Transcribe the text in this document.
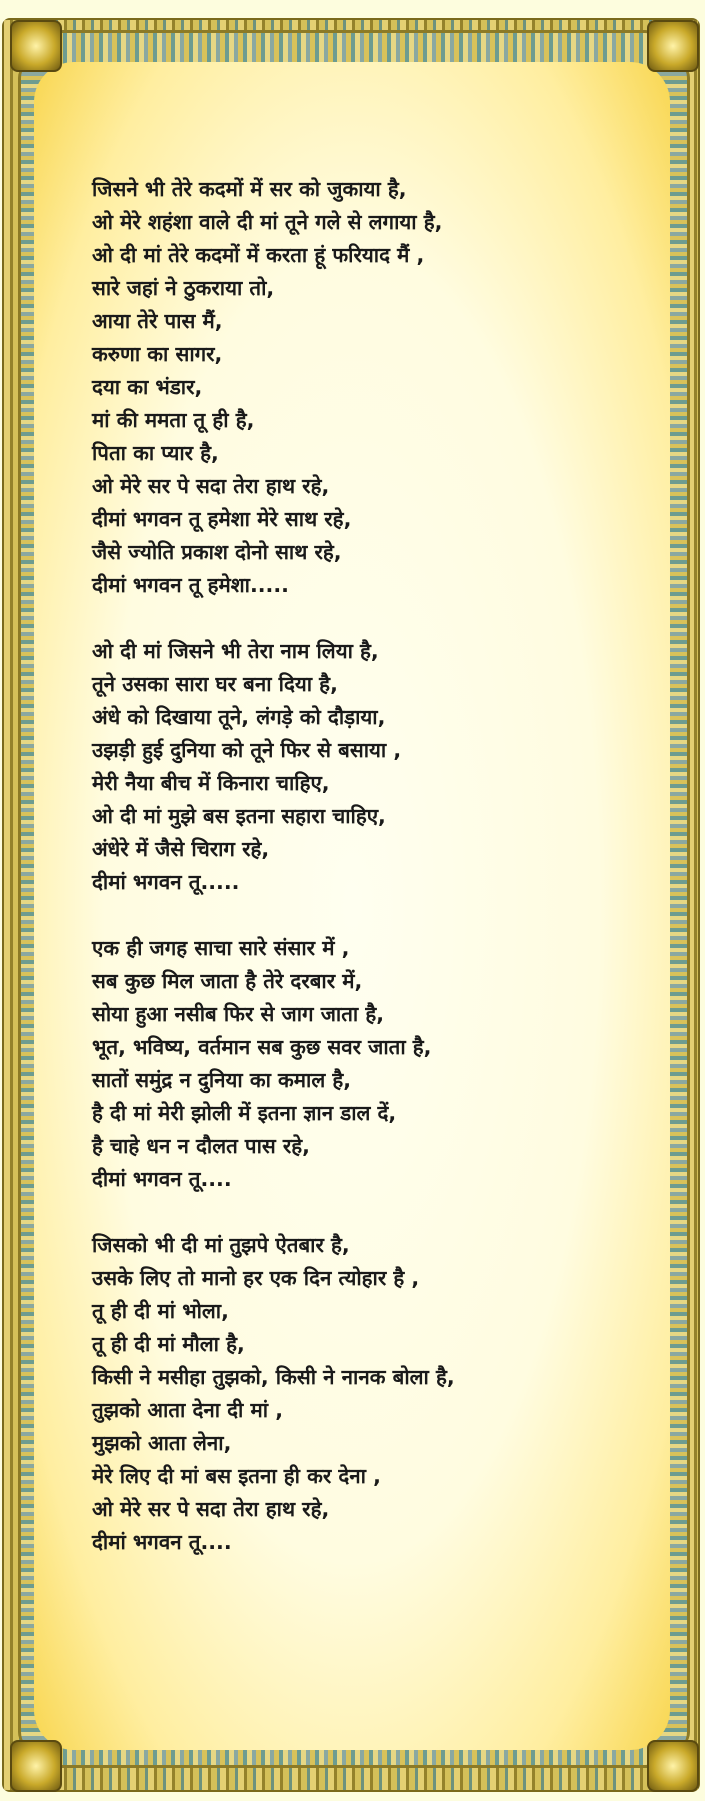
जिसने भी तेरे कदमों में सर को जुकाया है,
ओ मेरे शहंशा वाले दी मां तूने गले से लगाया है,
ओ दी मां तेरे कदमों में करता हूं फरियाद मैं ,
सारे जहां ने ठुकराया तो,
आया तेरे पास मैं,
करुणा का सागर,
दया का भंडार,
मां की ममता तू ही है,
पिता का प्यार है,
ओ मेरे सर पे सदा तेरा हाथ रहे,
दीमां भगवन तू हमेशा मेरे साथ रहे,
जैसे ज्योति प्रकाश दोनो साथ रहे,
दीमां भगवन तू हमेशा.....
ओ दी मां जिसने भी तेरा नाम लिया है,
तूने उसका सारा घर बना दिया है,
अंधे को दिखाया तूने, लंगड़े को दौड़ाया,
उझड़ी हुई दुनिया को तूने फिर से बसाया ,
मेरी नैया बीच में किनारा चाहिए,
ओ दी मां मुझे बस इतना सहारा चाहिए,
अंधेरे में जैसे चिराग रहे,
दीमां भगवन तू.....
एक ही जगह साचा सारे संसार में ,
सब कुछ मिल जाता है तेरे दरबार में,
सोया हुआ नसीब फिर से जाग जाता है,
भूत, भविष्य, वर्तमान सब कुछ सवर जाता है,
सातों समुंद्र न दुनिया का कमाल है,
है दी मां मेरी झोली में इतना ज्ञान डाल दें,
है चाहे धन न दौलत पास रहे,
दीमां भगवन तू....
जिसको भी दी मां तुझपे ऐतबार है,
उसके लिए तो मानो हर एक दिन त्योहार है ,
तू ही दी मां भोला,
तू ही दी मां मौला है,
किसी ने मसीहा तुझको, किसी ने नानक बोला है,
तुझको आता देना दी मां ,
मुझको आता लेना,
मेरे लिए दी मां बस इतना ही कर देना ,
ओ मेरे सर पे सदा तेरा हाथ रहे,
दीमां भगवन तू....
